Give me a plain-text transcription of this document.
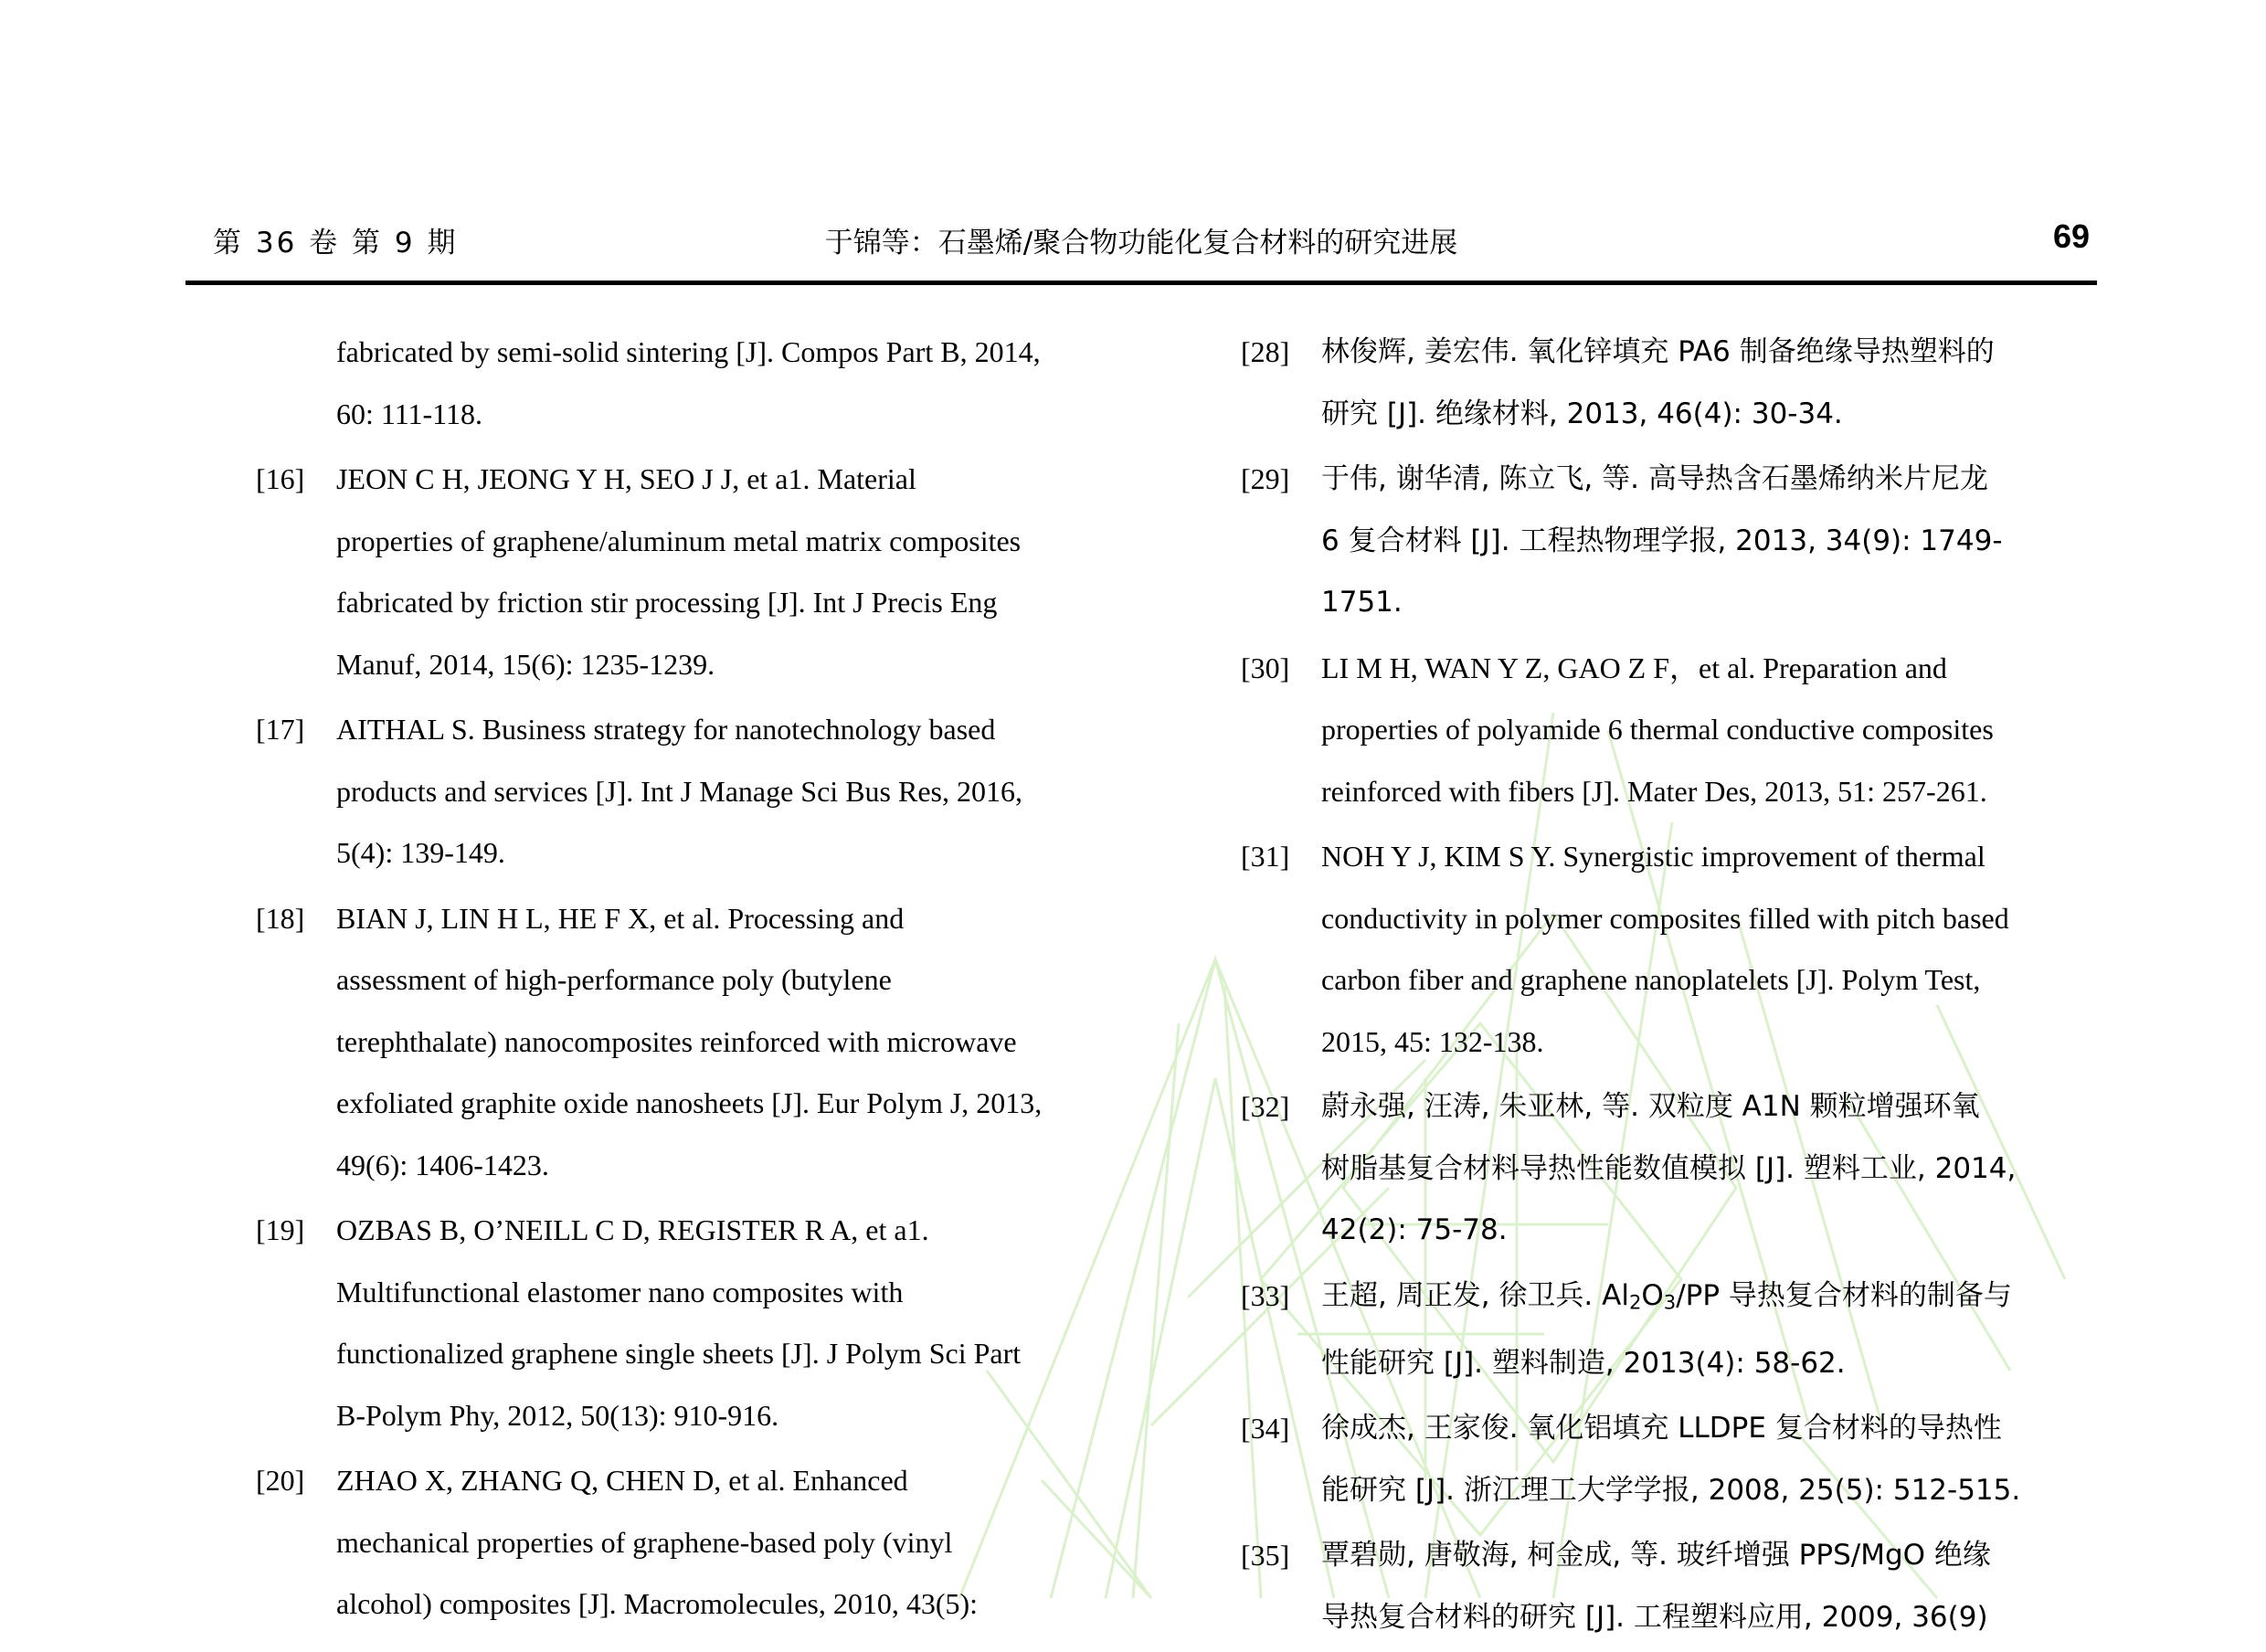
第 36 卷 第 9 期	于锦等：石墨烯/聚合物功能化复合材料的研究进展	69
fabricated by semi-solid sintering [J]. Compos Part B, 2014,
60: 111-118.
[16]	JEON C H, JEONG Y H, SEO J J, et a1. Material
properties of graphene/aluminum metal matrix composites
fabricated by friction stir processing [J]. Int J Precis Eng
Manuf, 2014, 15(6): 1235-1239.
[17]	AITHAL S. Business strategy for nanotechnology based
products and services [J]. Int J Manage Sci Bus Res, 2016,
5(4): 139-149.
[18]	BIAN J, LIN H L, HE F X, et al. Processing and
assessment of high-performance poly (butylene
terephthalate) nanocomposites reinforced with microwave
exfoliated graphite oxide nanosheets [J]. Eur Polym J, 2013,
49(6): 1406-1423.
[19]	OZBAS B, O’NEILL C D, REGISTER R A, et a1.
Multifunctional elastomer nano composites with
functionalized graphene single sheets [J]. J Polym Sci Part
B-Polym Phy, 2012, 50(13): 910-916.
[20]	ZHAO X, ZHANG Q, CHEN D, et al. Enhanced
mechanical properties of graphene-based poly (vinyl
alcohol) composites [J]. Macromolecules, 2010, 43(5):
[28]	林俊辉, 姜宏伟. 氧化锌填充 PA6 制备绝缘导热塑料的
研究 [J]. 绝缘材料, 2013, 46(4): 30-34.
[29]	于伟, 谢华清, 陈立飞, 等. 高导热含石墨烯纳米片尼龙
6 复合材料 [J]. 工程热物理学报, 2013, 34(9): 1749-
1751.
[30]	LI M H, WAN Y Z, GAO Z F，et al. Preparation and
properties of polyamide 6 thermal conductive composites
reinforced with fibers [J]. Mater Des, 2013, 51: 257-261.
[31]	NOH Y J, KIM S Y. Synergistic improvement of thermal
conductivity in polymer composites filled with pitch based
carbon fiber and graphene nanoplatelets [J]. Polym Test,
2015, 45: 132-138.
[32]	蔚永强, 汪涛, 朱亚林, 等. 双粒度 A1N 颗粒增强环氧
树脂基复合材料导热性能数值模拟 [J]. 塑料工业, 2014,
42(2): 75-78.
[33]	王超, 周正发, 徐卫兵. $Al_2O_3/PP$ 导热复合材料的制备与
性能研究 [J]. 塑料制造, 2013(4): 58-62.
[34]	徐成杰, 王家俊. 氧化铝填充 LLDPE 复合材料的导热性
能研究 [J]. 浙江理工大学学报, 2008, 25(5): 512-515.
[35]	覃碧勋, 唐敬海, 柯金成, 等. 玻纤增强 PPS/MgO 绝缘
导热复合材料的研究 [J]. 工程塑料应用, 2009, 36(9)
